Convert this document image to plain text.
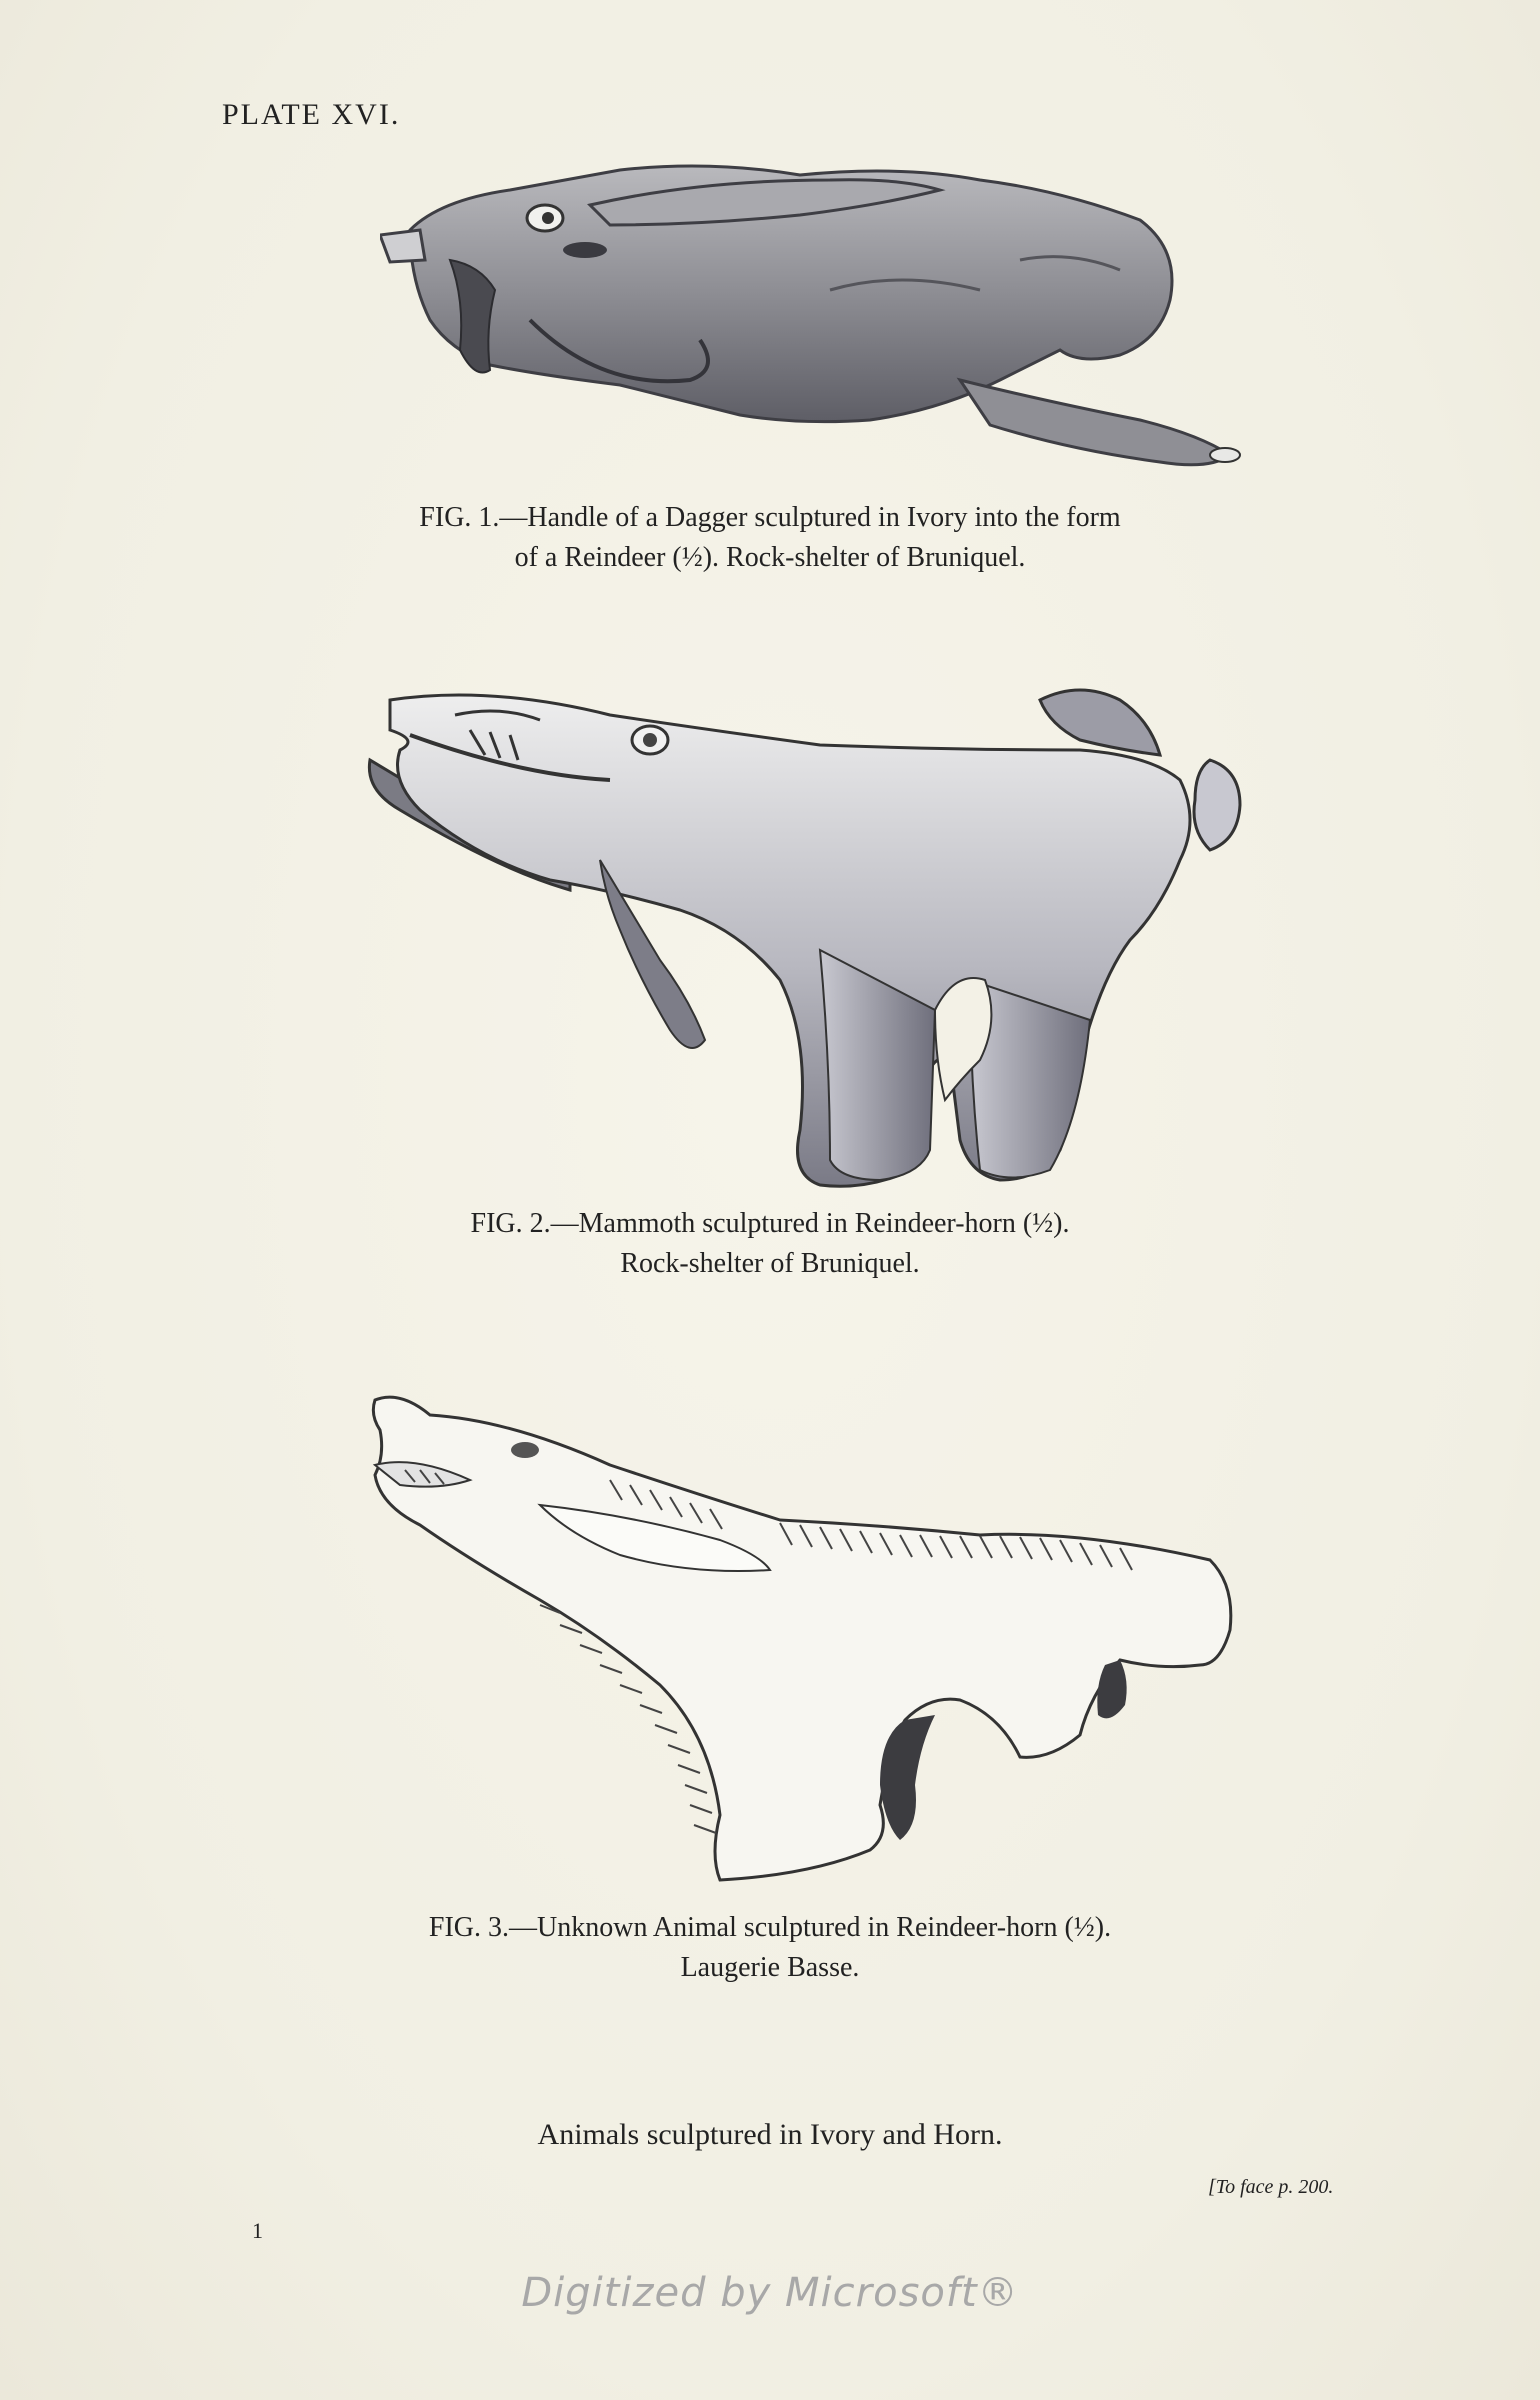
PLATE XVI.
FIG. 1.—Handle of a Dagger sculptured in Ivory into the form
of a Reindeer (½). Rock-shelter of Bruniquel.
FIG. 2.—Mammoth sculptured in Reindeer-horn (½).
Rock-shelter of Bruniquel.
FIG. 3.—Unknown Animal sculptured in Reindeer-horn (½).
Laugerie Basse.
Animals sculptured in Ivory and Horn.
[To face p. 200.
1
Digitized by Microsoft®
